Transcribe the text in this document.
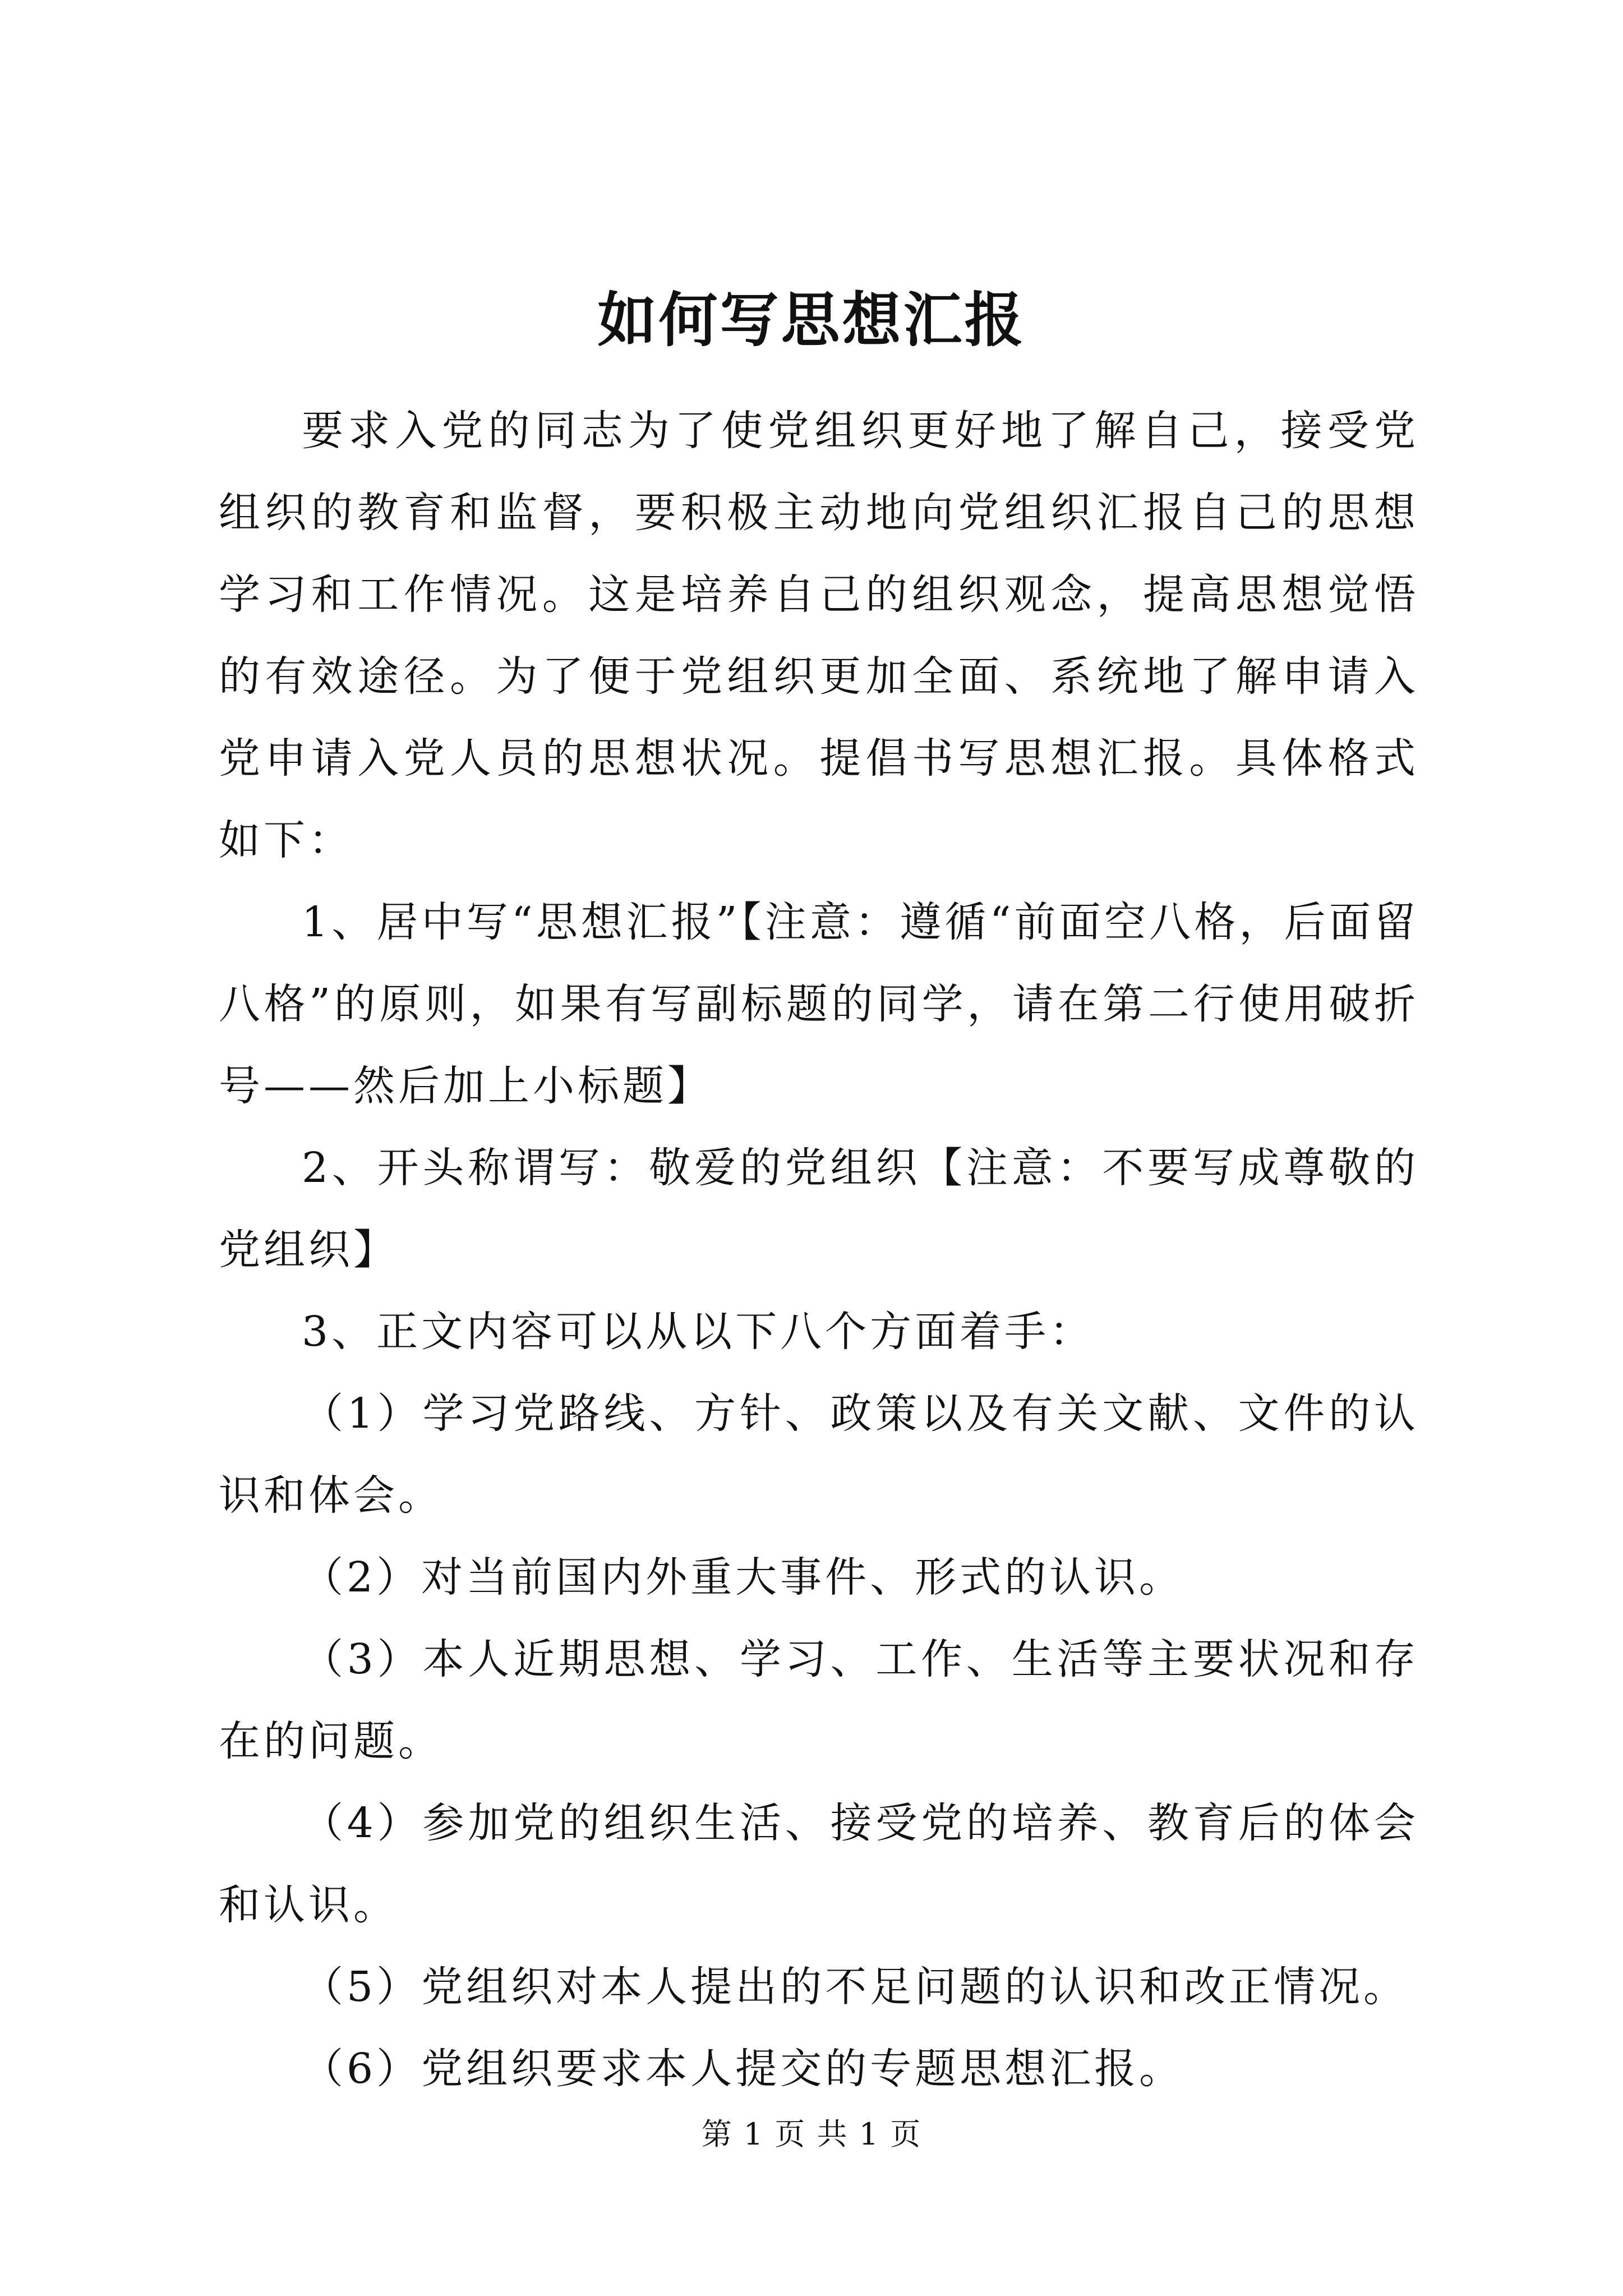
如何写思想汇报

要求入党的同志为了使党组织更好地了解自己，接受党组织的教育和监督，要积极主动地向党组织汇报自己的思想学习和工作情况。这是培养自己的组织观念，提高思想觉悟的有效途径。为了便于党组织更加全面、系统地了解申请入党申请入党人员的思想状况。提倡书写思想汇报。具体格式如下：

1、居中写“思想汇报”【注意：遵循“前面空八格，后面留八格”的原则，如果有写副标题的同学，请在第二行使用破折号——然后加上小标题】

2、开头称谓写：敬爱的党组织【注意：不要写成尊敬的党组织】

3、正文内容可以从以下八个方面着手：

（1）学习党路线、方针、政策以及有关文献、文件的认识和体会。

（2）对当前国内外重大事件、形式的认识。

（3）本人近期思想、学习、工作、生活等主要状况和存在的问题。

（4）参加党的组织生活、接受党的培养、教育后的体会和认识。

（5）党组织对本人提出的不足问题的认识和改正情况。

（6）党组织要求本人提交的专题思想汇报。

第 1 页 共 1 页
